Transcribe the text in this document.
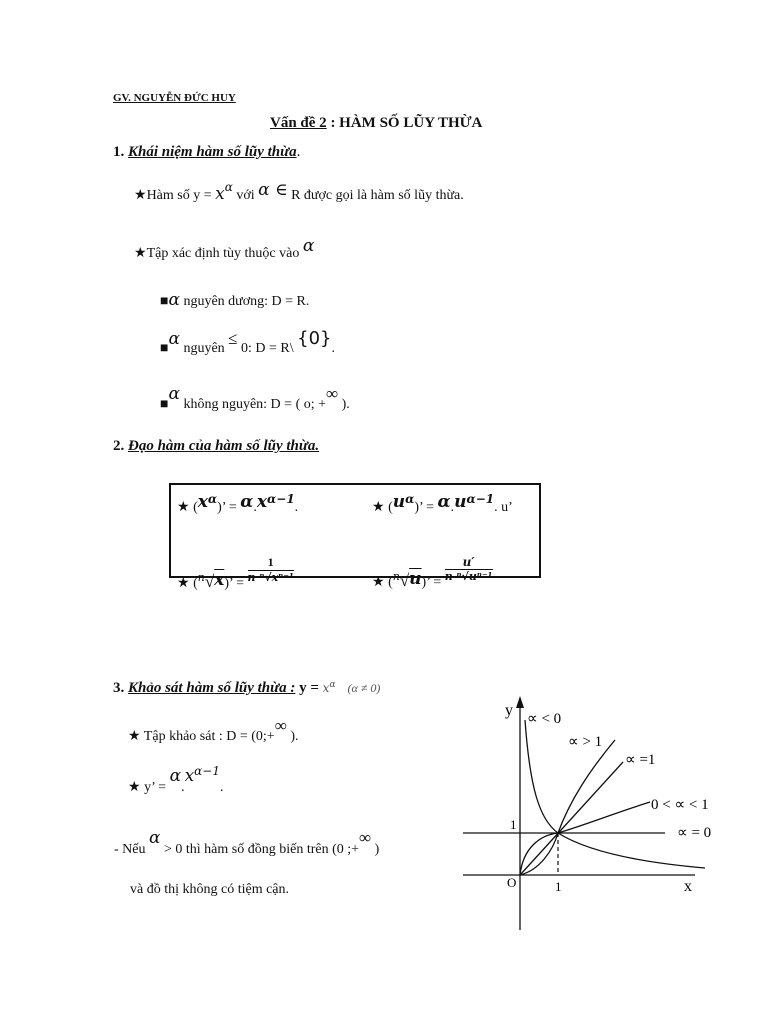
GV. NGUYỄN ĐỨC HUY
Vấn đề 2 : HÀM SỐ LŨY THỪA
1. Khái niệm hàm số lũy thừa.
★Hàm số y = xα với α ∈ R được gọi là hàm số lũy thừa.
★Tập xác định tùy thuộc vào α
■α nguyên dương: D = R.
■α nguyên ≤ 0: D = R\ {0}.
■α không nguyên: D = ( o; +∞ ).
2. Đạo hàm của hàm số lũy thừa.
★ (xα)’ = α.xα−1.	★ (uα)’ = α.uα−1. u’
★ $(_n√x)$’ = $\frac{1}{\text{n ⁿ√xⁿ⁻¹}}$	★ $(_n√u)$’ = $\frac{u'}{\text{n ⁿ√uⁿ⁻¹}}$
3. Khảo sát hàm số lũy thừa : $y = x^\alpha$ (α ≠ 0)
★ Tập khảo sát : D = (0;+∞ ).
★ y’ = α.xα−1.
- Nếu α > 0 thì hàm số đồng biến trên (0 ;+∞ )
và đồ thị không có tiệm cận.
y
x
O	1
1
∝ < 0
∝ > 1
∝ =1
0 < ∝ < 1
∝ = 0
